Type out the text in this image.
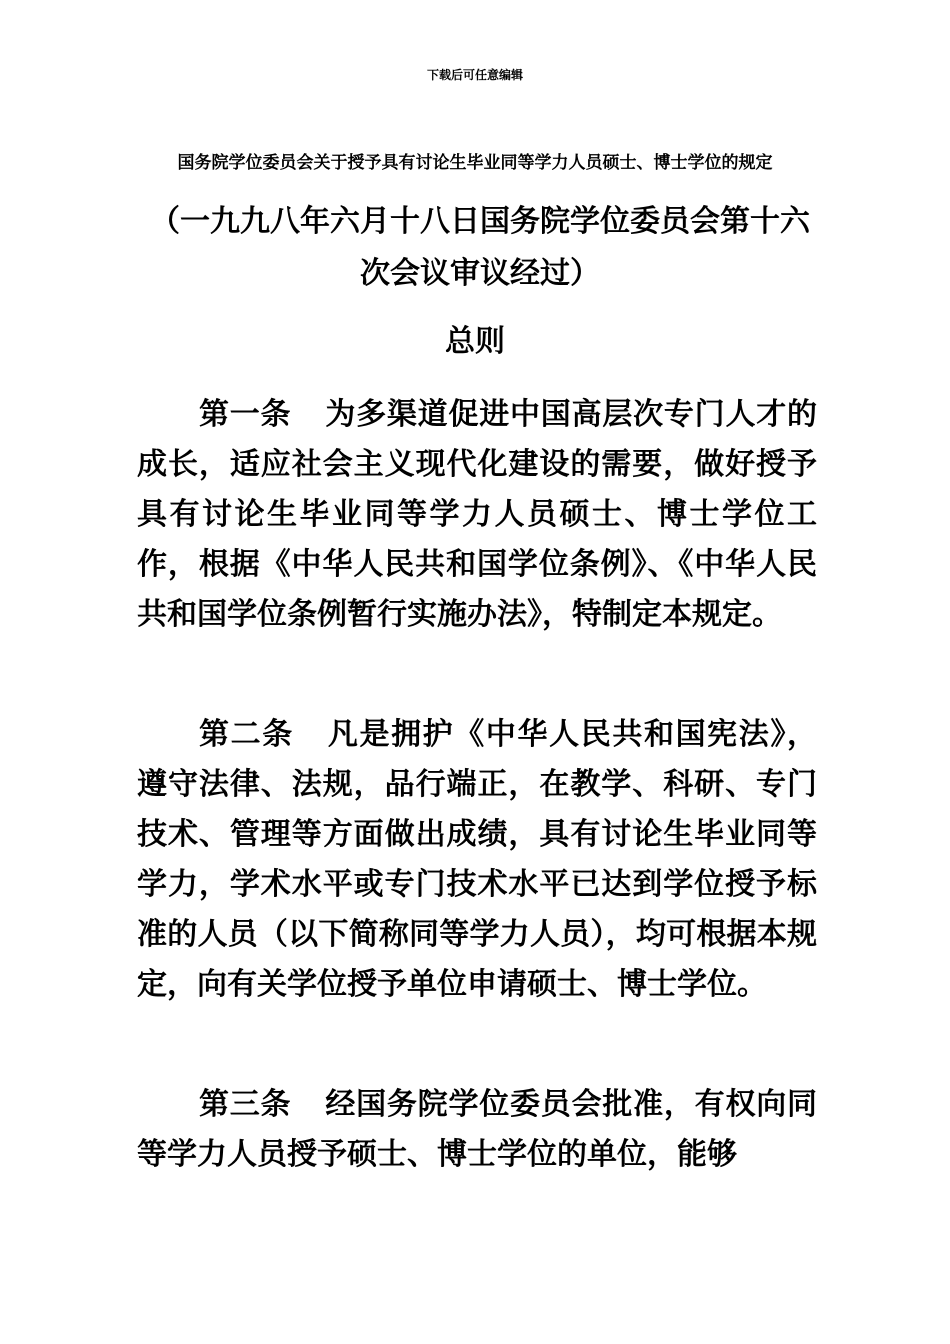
下载后可任意编辑
国务院学位委员会关于授予具有讨论生毕业同等学力人员硕士、博士学位的规定
（一九九八年六月十八日国务院学位委员会第十六次会议审议经过）
总则

第一条 为多渠道促进中国高层次专门人才的成长，适应社会主义现代化建设的需要，做好授予具有讨论生毕业同等学力人员硕士、博士学位工作，根据《中华人民共和国学位条例》、《中华人民共和国学位条例暂行实施办法》，特制定本规定。

第二条 凡是拥护《中华人民共和国宪法》，遵守法律、法规，品行端正，在教学、科研、专门技术、管理等方面做出成绩，具有讨论生毕业同等学力，学术水平或专门技术水平已达到学位授予标准的人员（以下简称同等学力人员），均可根据本规定，向有关学位授予单位申请硕士、博士学位。

第三条 经国务院学位委员会批准，有权向同等学力人员授予硕士、博士学位的单位，能够
